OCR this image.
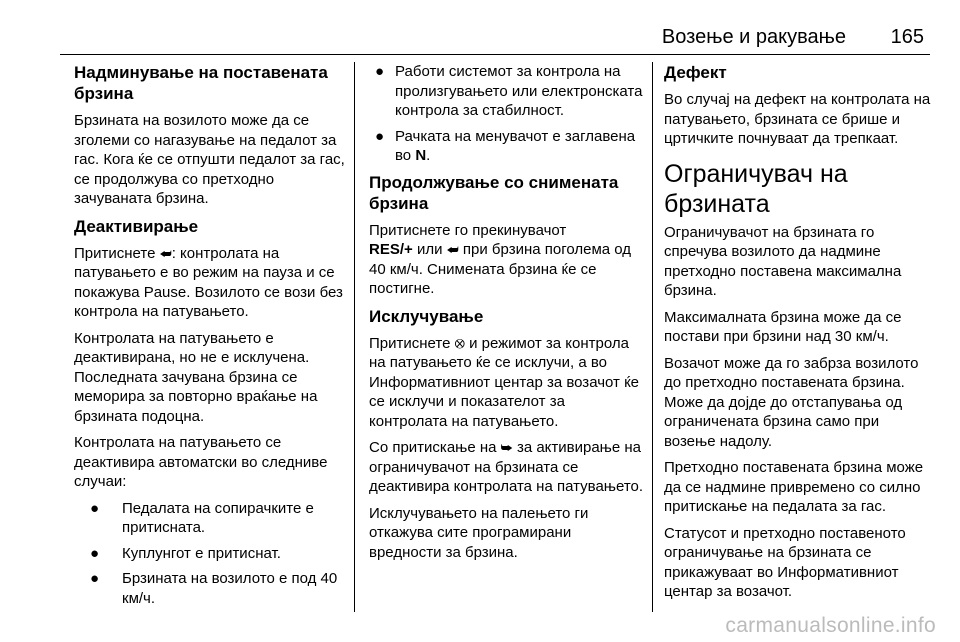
Возење и ракување 165
Надминување на поставената брзина

Брзината на возилото може да се зголеми со нагазување на педалот за гас. Кога ќе се отпушти педалот за гас, се продолжува со претходно зачуваната брзина.

Деактивирање

Притиснете ⮨: контролата на патувањето е во режим на пауза и се покажува Pause. Возилото се вози без контрола на патувањето.

Контролата на патувањето е деактивирана, но не е исклучена. Последната зачувана брзина се меморира за повторно враќање на брзината подоцна.

Контролата на патувањето се деактивира автоматски во следниве случаи:

● Педалата на сопирачките е притисната.
● Куплунгот е притиснат.
● Брзината на возилото е под 40 км/ч.
● Работи системот за контрола на пролизгувањето или електронската контрола за стабилност.
● Рачката на менувачот е заглавена во N.
Продолжување со снимената брзина

Притиснете го прекинувачот
RES/+ или ⮨ при брзина поголема од 40 км/ч. Снимената брзина ќе се постигне.

Исклучување

Притиснете ⭙ и режимот за контрола на патувањето ќе се исклучи, а во Информативниот центар за возачот ќе се исклучи и показателот за контролата на патувањето.

Со притискање на ⮩ за активирање на ограничувачот на брзината се деактивира контролата на патувањето.

Исклучувањето на палењето ги откажува сите програмирани вредности за брзина.

Дефект

Во случај на дефект на контролата на патувањето, брзината се брише и цртичките почнуваат да трепкаат.

Ограничувач на брзината

Ограничувачот на брзината го спречува возилото да надмине претходно поставена максимална брзина.

Максималната брзина може да се постави при брзини над 30 км/ч.

Возачот може да го забрза возилото до претходно поставената брзина. Може да дојде до отстапувања од ограничената брзина само при возење надолу.

Претходно поставената брзина може да се надмине привремено со силно притискање на педалата за гас.

Статусот и претходно поставеното ограничување на брзината се прикажуваат во Информативниот центар за возачот.

carmanualsonline.info
